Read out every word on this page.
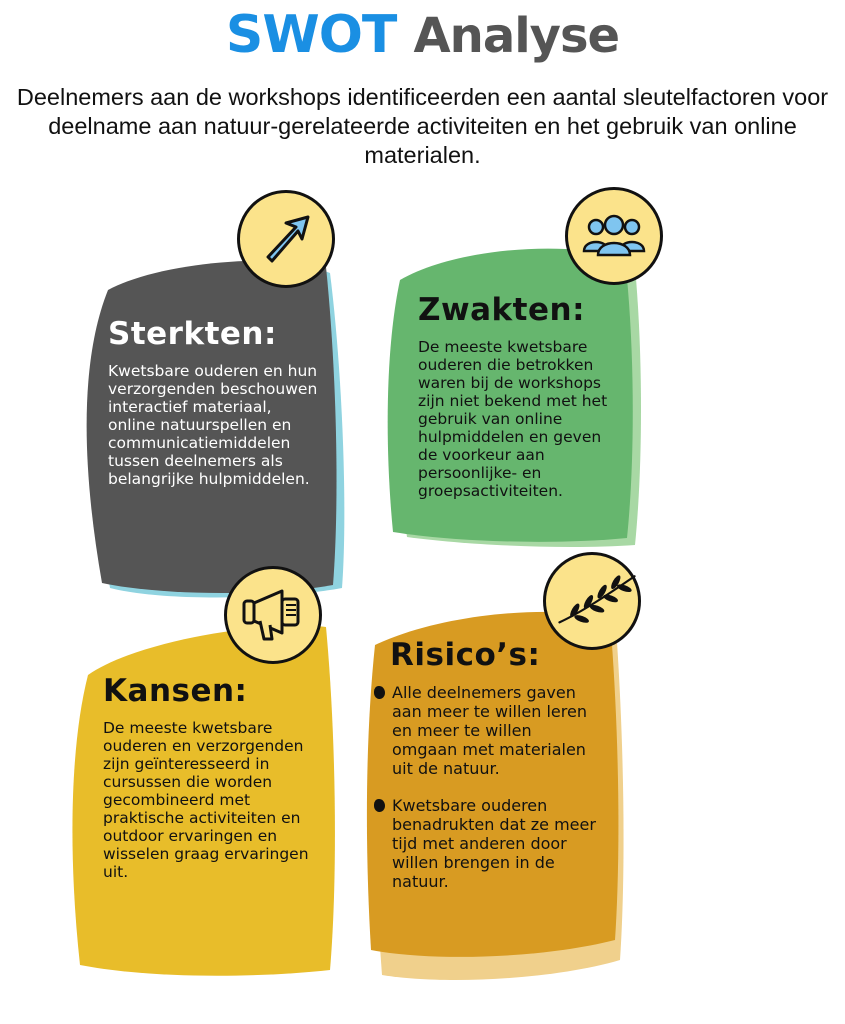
SWOT Analyse
Deelnemers aan de workshops identificeerden een aantal sleutelfactoren voor deelname aan natuur-gerelateerde activiteiten en het gebruik van online materialen.
Sterkten:
Kwetsbare ouderen en hun verzorgenden beschouwen interactief materiaal, online natuurspellen en communicatiemiddelen tussen deelnemers als belangrijke hulpmiddelen.
Zwakten:
De meeste kwetsbare ouderen die betrokken waren bij de workshops zijn niet bekend met het gebruik van online hulpmiddelen en geven de voorkeur aan persoonlijke- en groepsactiviteiten.
Kansen:
De meeste kwetsbare ouderen en verzorgenden zijn geïnteresseerd in cursussen die worden gecombineerd met praktische activiteiten en outdoor ervaringen en wisselen graag ervaringen uit.
Risico’s:
Alle deelnemers gaven aan meer te willen leren en meer te willen omgaan met materialen uit de natuur.
Kwetsbare ouderen benadrukten dat ze meer tijd met anderen door willen brengen in de natuur.
